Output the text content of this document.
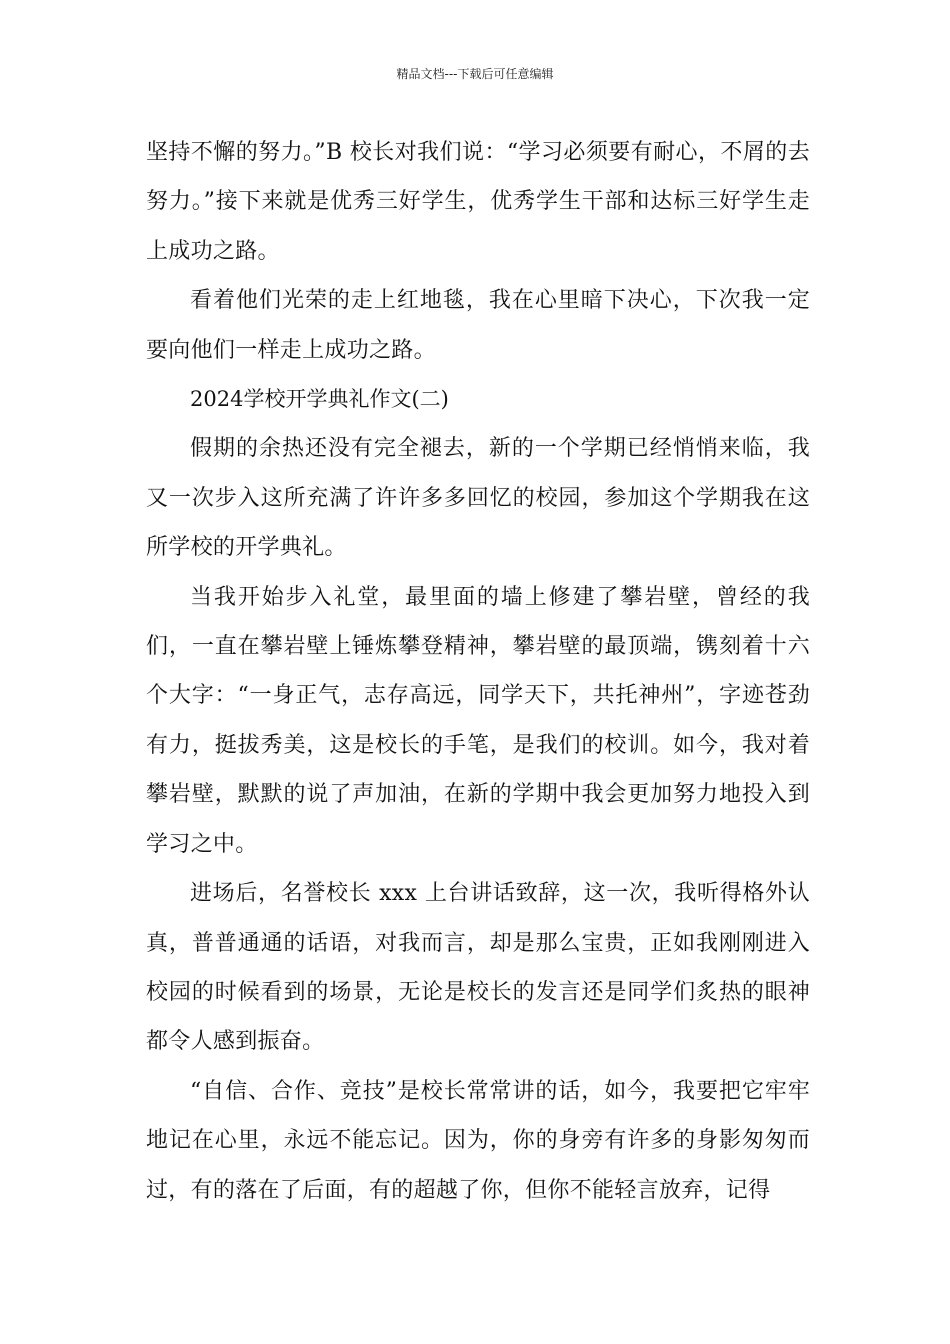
精品文档---下载后可任意编辑

坚持不懈的努力。”B 校长对我们说：“学习必须要有耐心，不屑的去努力。”接下来就是优秀三好学生，优秀学生干部和达标三好学生走上成功之路。

看着他们光荣的走上红地毯，我在心里暗下决心，下次我一定要向他们一样走上成功之路。

2024学校开学典礼作文(二)

假期的余热还没有完全褪去，新的一个学期已经悄悄来临，我又一次步入这所充满了许许多多回忆的校园，参加这个学期我在这所学校的开学典礼。

当我开始步入礼堂，最里面的墙上修建了攀岩壁，曾经的我们，一直在攀岩壁上锤炼攀登精神，攀岩壁的最顶端，镌刻着十六个大字：“一身正气，志存高远，同学天下，共托神州”，字迹苍劲有力，挺拔秀美，这是校长的手笔，是我们的校训。如今，我对着攀岩壁，默默的说了声加油，在新的学期中我会更加努力地投入到学习之中。

进场后，名誉校长 xxx 上台讲话致辞，这一次，我听得格外认真，普普通通的话语，对我而言，却是那么宝贵，正如我刚刚进入校园的时候看到的场景，无论是校长的发言还是同学们炙热的眼神都令人感到振奋。

“自信、合作、竞技”是校长常常讲的话，如今，我要把它牢牢地记在心里，永远不能忘记。因为，你的身旁有许多的身影匆匆而过，有的落在了后面，有的超越了你，但你不能轻言放弃，记得
